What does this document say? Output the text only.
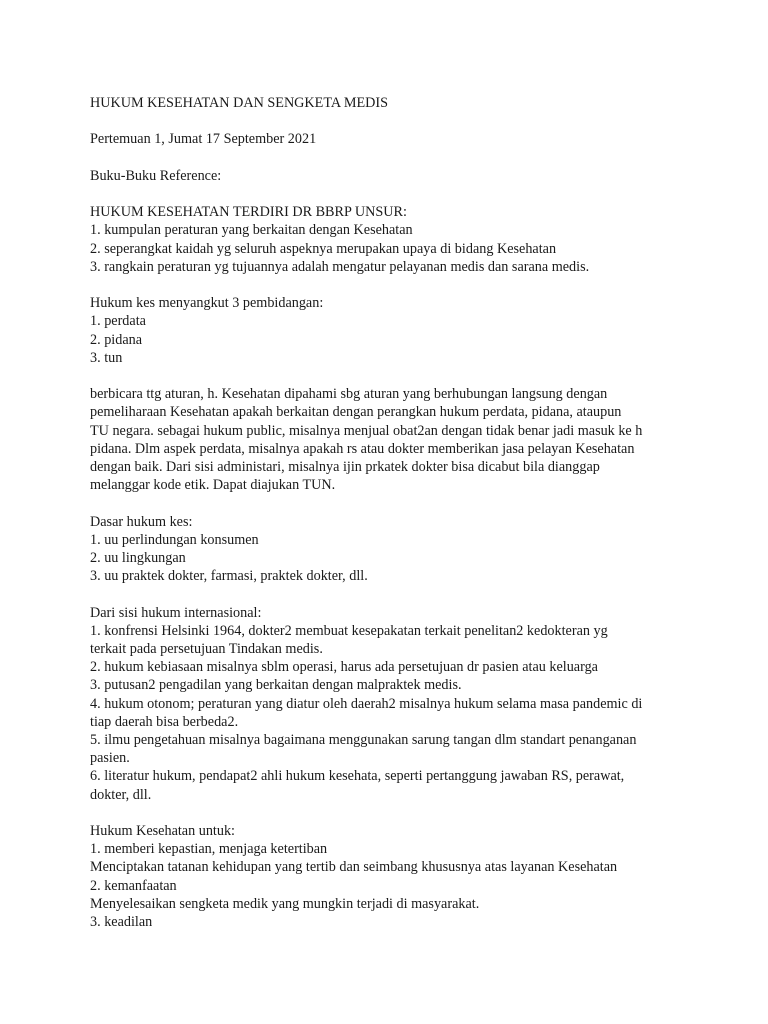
HUKUM KESEHATAN DAN SENGKETA MEDIS
Pertemuan 1, Jumat 17 September 2021
Buku-Buku Reference:
HUKUM KESEHATAN TERDIRI DR BBRP UNSUR:
1. kumpulan peraturan yang berkaitan dengan Kesehatan
2. seperangkat kaidah yg seluruh aspeknya merupakan upaya di bidang Kesehatan
3. rangkain peraturan yg tujuannya adalah mengatur pelayanan medis dan sarana medis.
Hukum kes menyangkut 3 pembidangan:
1. perdata
2. pidana
3. tun
berbicara ttg aturan, h. Kesehatan dipahami sbg aturan yang berhubungan langsung dengan
pemeliharaan Kesehatan apakah berkaitan dengan perangkan hukum perdata, pidana, ataupun
TU negara. sebagai hukum public, misalnya menjual obat2an dengan tidak benar jadi masuk ke h
pidana. Dlm aspek perdata, misalnya apakah rs atau dokter memberikan jasa pelayan Kesehatan
dengan baik. Dari sisi administari, misalnya ijin prkatek dokter bisa dicabut bila dianggap
melanggar kode etik. Dapat diajukan TUN.
Dasar hukum kes:
1. uu perlindungan konsumen
2. uu lingkungan
3. uu praktek dokter, farmasi, praktek dokter, dll.
Dari sisi hukum internasional:
1. konfrensi Helsinki 1964, dokter2 membuat kesepakatan terkait penelitan2 kedokteran yg
terkait pada persetujuan Tindakan medis.
2. hukum kebiasaan misalnya sblm operasi, harus ada persetujuan dr pasien atau keluarga
3. putusan2 pengadilan yang berkaitan dengan malpraktek medis.
4. hukum otonom; peraturan yang diatur oleh daerah2 misalnya hukum selama masa pandemic di
tiap daerah bisa berbeda2.
5. ilmu pengetahuan misalnya bagaimana menggunakan sarung tangan dlm standart penanganan
pasien.
6. literatur hukum, pendapat2 ahli hukum kesehata, seperti pertanggung jawaban RS, perawat,
dokter, dll.
Hukum Kesehatan untuk:
1. memberi kepastian, menjaga ketertiban
Menciptakan tatanan kehidupan yang tertib dan seimbang khususnya atas layanan Kesehatan
2. kemanfaatan
Menyelesaikan sengketa medik yang mungkin terjadi di masyarakat.
3. keadilan
